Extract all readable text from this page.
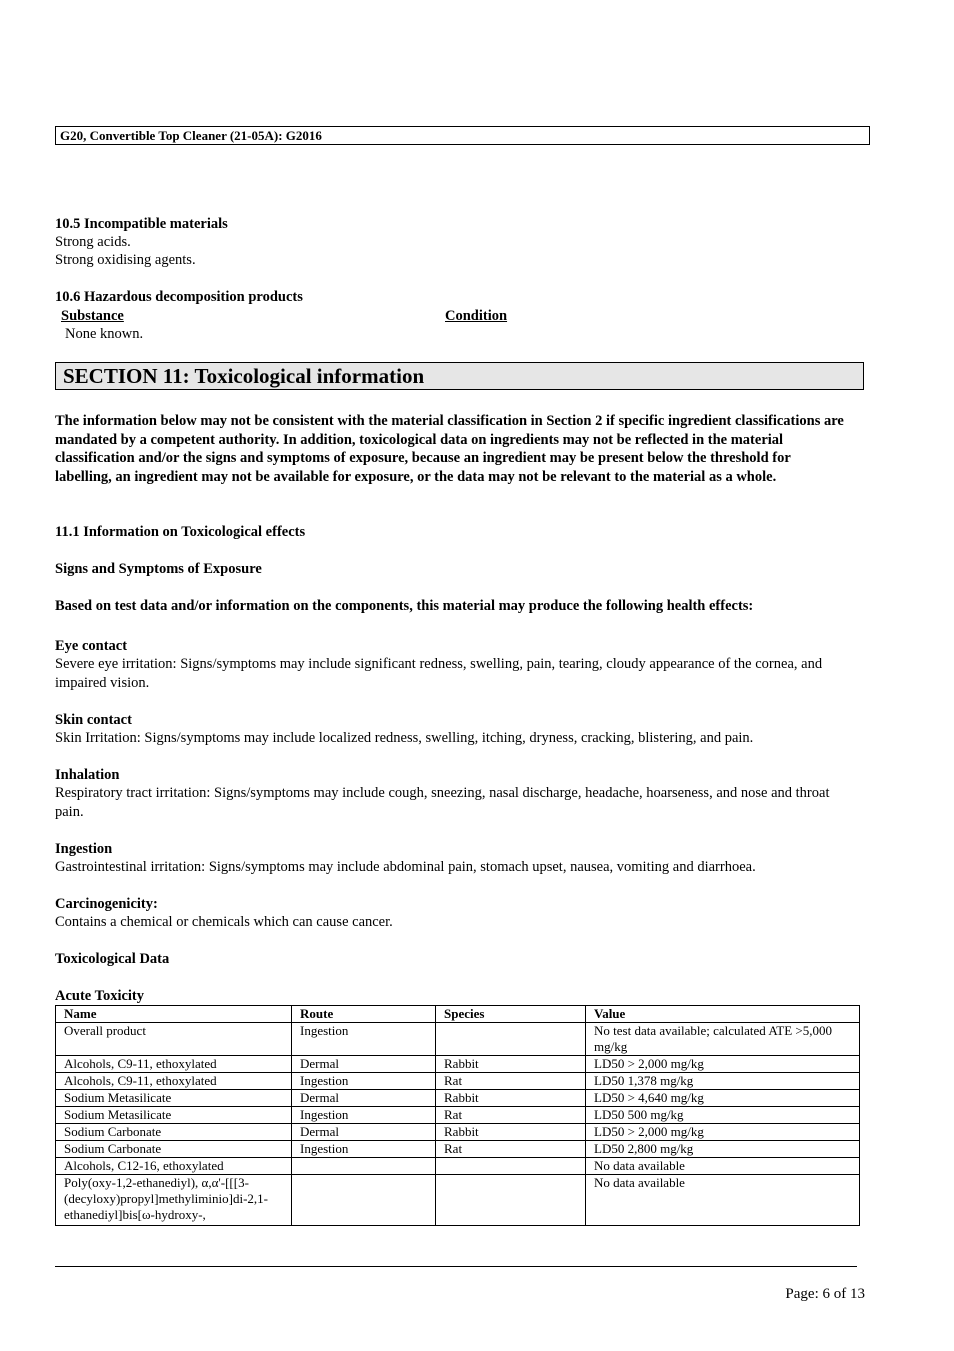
G20, Convertible Top Cleaner (21-05A): G2016
10.5 Incompatible materials
Strong acids.
Strong oxidising agents.
10.6 Hazardous decomposition products
Substance	Condition
None known.
SECTION 11: Toxicological information
The information below may not be consistent with the material classification in Section 2 if specific ingredient classifications are mandated by a competent authority. In addition, toxicological data on ingredients may not be reflected in the material classification and/or the signs and symptoms of exposure, because an ingredient may be present below the threshold for labelling, an ingredient may not be available for exposure, or the data may not be relevant to the material as a whole.
11.1 Information on Toxicological effects
Signs and Symptoms of Exposure
Based on test data and/or information on the components, this material may produce the following health effects:
Eye contact
Severe eye irritation: Signs/symptoms may include significant redness, swelling, pain, tearing, cloudy appearance of the cornea, and impaired vision.
Skin contact
Skin Irritation: Signs/symptoms may include localized redness, swelling, itching, dryness, cracking, blistering, and pain.
Inhalation
Respiratory tract irritation: Signs/symptoms may include cough, sneezing, nasal discharge, headache, hoarseness, and nose and throat pain.
Ingestion
Gastrointestinal irritation: Signs/symptoms may include abdominal pain, stomach upset, nausea, vomiting and diarrhoea.
Carcinogenicity:
Contains a chemical or chemicals which can cause cancer.
Toxicological Data
Acute Toxicity
Name	Route	Species	Value
Overall product	Ingestion		No test data available; calculated ATE >5,000 mg/kg
Alcohols, C9-11, ethoxylated	Dermal	Rabbit	LD50 > 2,000 mg/kg
Alcohols, C9-11, ethoxylated	Ingestion	Rat	LD50 1,378 mg/kg
Sodium Metasilicate	Dermal	Rabbit	LD50 > 4,640 mg/kg
Sodium Metasilicate	Ingestion	Rat	LD50 500 mg/kg
Sodium Carbonate	Dermal	Rabbit	LD50 > 2,000 mg/kg
Sodium Carbonate	Ingestion	Rat	LD50 2,800 mg/kg
Alcohols, C12-16, ethoxylated			No data available
Poly(oxy-1,2-ethanediyl), α,α'-[[[3-(decyloxy)propyl]methyliminio]di-2,1-ethanediyl]bis[ω-hydroxy-,			No data available
Page: 6 of 13
